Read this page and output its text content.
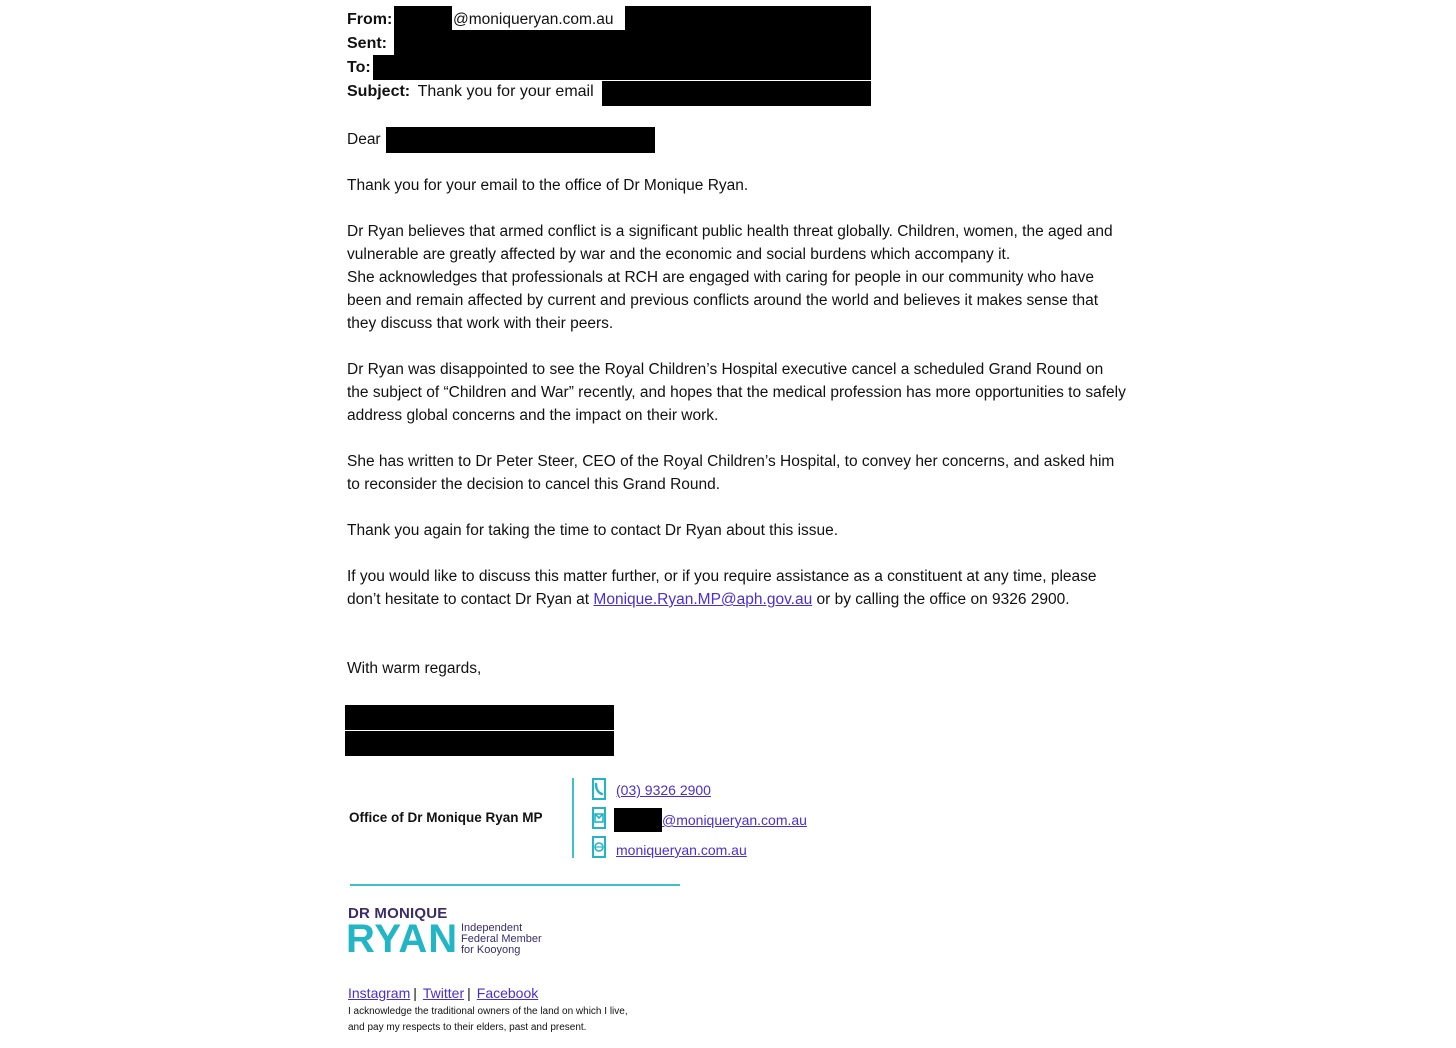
From:	@moniqueryan.com.au
Sent:
To:
Subject: Thank you for your email
Dear

Thank you for your email to the office of Dr Monique Ryan.

Dr Ryan believes that armed conflict is a significant public health threat globally. Children, women, the aged and vulnerable are greatly affected by war and the economic and social burdens which accompany it.

She acknowledges that professionals at RCH are engaged with caring for people in our community who have been and remain affected by current and previous conflicts around the world and believes it makes sense that they discuss that work with their peers.

Dr Ryan was disappointed to see the Royal Children’s Hospital executive cancel a scheduled Grand Round on the subject of “Children and War” recently, and hopes that the medical profession has more opportunities to safely address global concerns and the impact on their work.

She has written to Dr Peter Steer, CEO of the Royal Children’s Hospital, to convey her concerns, and asked him to reconsider the decision to cancel this Grand Round.

Thank you again for taking the time to contact Dr Ryan about this issue.

If you would like to discuss this matter further, or if you require assistance as a constituent at any time, please don’t hesitate to contact Dr Ryan at Monique.Ryan.MP@aph.gov.au or by calling the office on 9326 2900.

With warm regards,
Office of Dr Monique Ryan MP
(03) 9326 2900
@moniqueryan.com.au
moniqueryan.com.au
DR MONIQUE
RYAN Independent
Federal Member
for Kooyong
Instagram | Twitter | Facebook
I acknowledge the traditional owners of the land on which I live,
and pay my respects to their elders, past and present.
